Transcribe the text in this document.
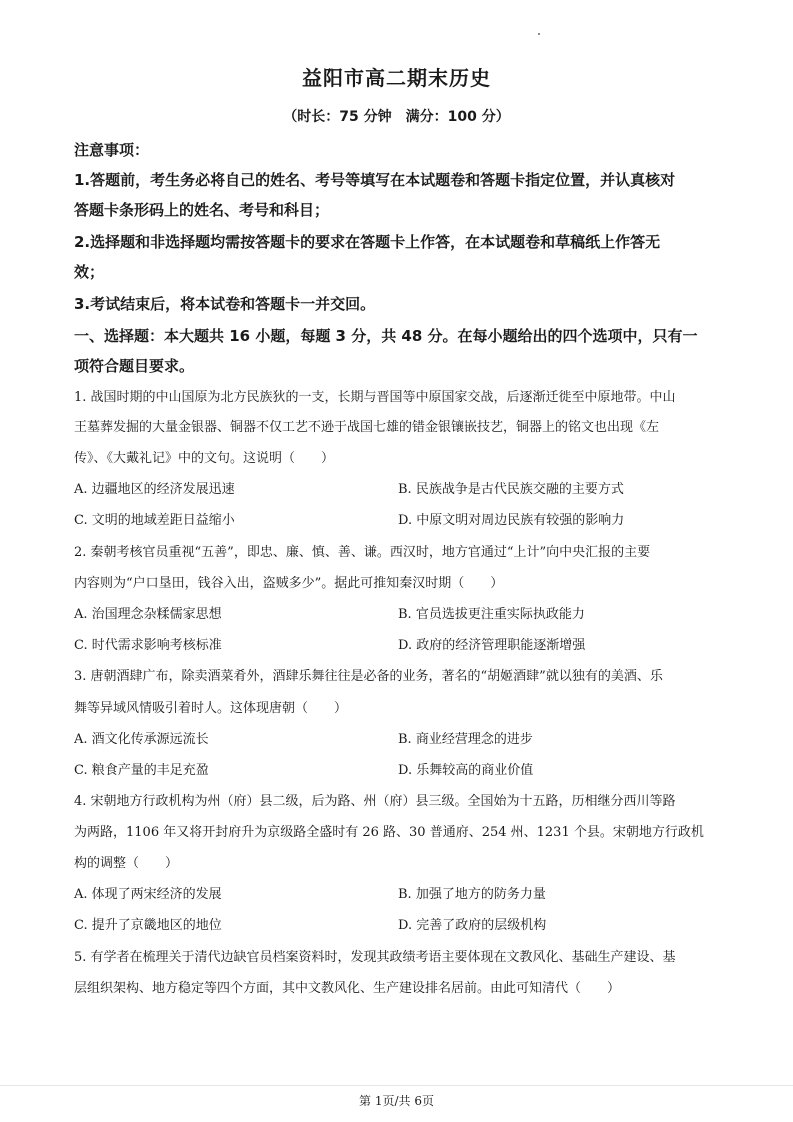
益阳市高二期末历史
（时长：75 分钟　满分：100 分）
注意事项：
1.答题前，考生务必将自己的姓名、考号等填写在本试题卷和答题卡指定位置，并认真核对
答题卡条形码上的姓名、考号和科目；
2.选择题和非选择题均需按答题卡的要求在答题卡上作答，在本试题卷和草稿纸上作答无
效；
3.考试结束后，将本试卷和答题卡一并交回。
一、选择题：本大题共 16 小题，每题 3 分，共 48 分。在每小题给出的四个选项中，只有一
项符合题目要求。
1. 战国时期的中山国原为北方民族狄的一支，长期与晋国等中原国家交战，后逐渐迁徙至中原地带。中山
王墓葬发掘的大量金银器、铜器不仅工艺不逊于战国七雄的错金银镶嵌技艺，铜器上的铭文也出现《左
传》、《大戴礼记》中的文句。这说明（　　）
A. 边疆地区的经济发展迅速	B. 民族战争是古代民族交融的主要方式
C. 文明的地域差距日益缩小	D. 中原文明对周边民族有较强的影响力
2. 秦朝考核官员重视“五善”，即忠、廉、慎、善、谦。西汉时，地方官通过“上计”向中央汇报的主要
内容则为“户口垦田，钱谷入出，盗贼多少”。据此可推知秦汉时期（　　）
A. 治国理念杂糅儒家思想	B. 官员选拔更注重实际执政能力
C. 时代需求影响考核标准	D. 政府的经济管理职能逐渐增强
3. 唐朝酒肆广布，除卖酒菜肴外，酒肆乐舞往往是必备的业务，著名的“胡姬酒肆”就以独有的美酒、乐
舞等异域风情吸引着时人。这体现唐朝（　　）
A. 酒文化传承源远流长	B. 商业经营理念的进步
C. 粮食产量的丰足充盈	D. 乐舞较高的商业价值
4. 宋朝地方行政机构为州（府）县二级，后为路、州（府）县三级。全国始为十五路，历相继分西川等路
为两路，1106 年又将开封府升为京级路全盛时有 26 路、30 普通府、254 州、1231 个县。宋朝地方行政机
构的调整（　　）
A. 体现了两宋经济的发展	B. 加强了地方的防务力量
C. 提升了京畿地区的地位	D. 完善了政府的层级机构
5. 有学者在梳理关于清代边缺官员档案资料时，发现其政绩考语主要体现在文教风化、基础生产建设、基
层组织架构、地方稳定等四个方面，其中文教风化、生产建设排名居前。由此可知清代（　　）
第 1页/共 6页
